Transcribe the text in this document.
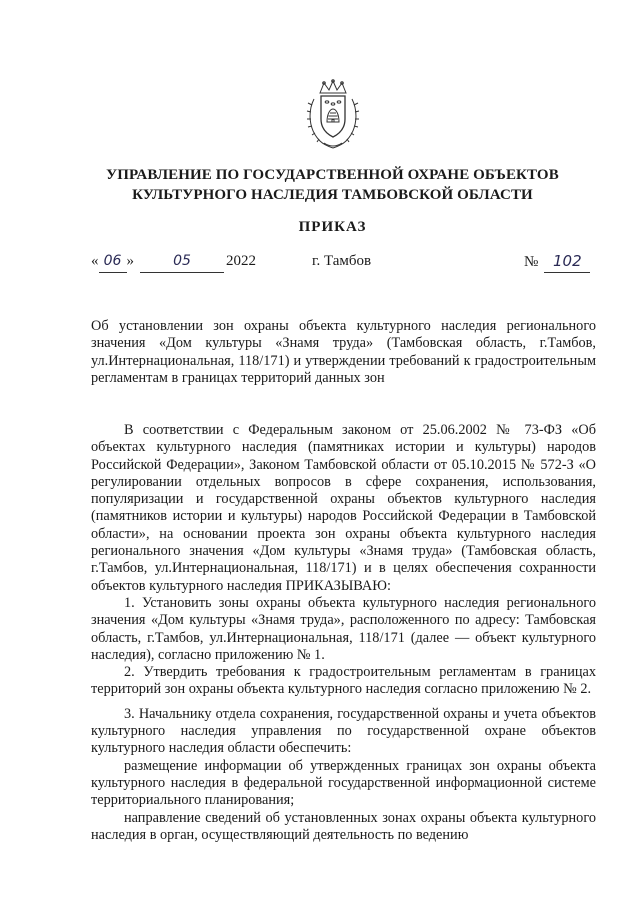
УПРАВЛЕНИЕ ПО ГОСУДАРСТВЕННОЙ ОХРАНЕ ОБЪЕКТОВ
КУЛЬТУРНОГО НАСЛЕДИЯ ТАМБОВСКОЙ ОБЛАСТИ
ПРИКАЗ
« 06 »	05 2022	г. Тамбов	№ 102

Об установлении зон охраны объекта культурного наследия регионального значения «Дом культуры «Знамя труда» (Тамбовская область, г.Тамбов, ул.Интернациональная, 118/171) и утверждении требований к градостроительным регламентам в границах территорий данных зон

В соответствии с Федеральным законом от 25.06.2002 № 73-ФЗ «Об объектах культурного наследия (памятниках истории и культуры) народов Российской Федерации», Законом Тамбовской области от 05.10.2015 № 572-З «О регулировании отдельных вопросов в сфере сохранения, использования, популяризации и государственной охраны объектов культурного наследия (памятников истории и культуры) народов Российской Федерации в Тамбовской области», на основании проекта зон охраны объекта культурного наследия регионального значения «Дом культуры «Знамя труда» (Тамбовская область, г.Тамбов, ул.Интернациональная, 118/171) и в целях обеспечения сохранности объектов культурного наследия ПРИКАЗЫВАЮ:

1. Установить зоны охраны объекта культурного наследия регионального значения «Дом культуры «Знамя труда», расположенного по адресу: Тамбовская область, г.Тамбов, ул.Интернациональная, 118/171 (далее — объект культурного наследия), согласно приложению № 1.

2. Утвердить требования к градостроительным регламентам в границах территорий зон охраны объекта культурного наследия согласно приложению № 2.

3. Начальнику отдела сохранения, государственной охраны и учета объектов культурного наследия управления по государственной охране объектов культурного наследия области обеспечить:

размещение информации об утвержденных границах зон охраны объекта культурного наследия в федеральной государственной информационной системе территориального планирования;

направление сведений об установленных зонах охраны объекта культурного наследия в орган, осуществляющий деятельность по ведению
